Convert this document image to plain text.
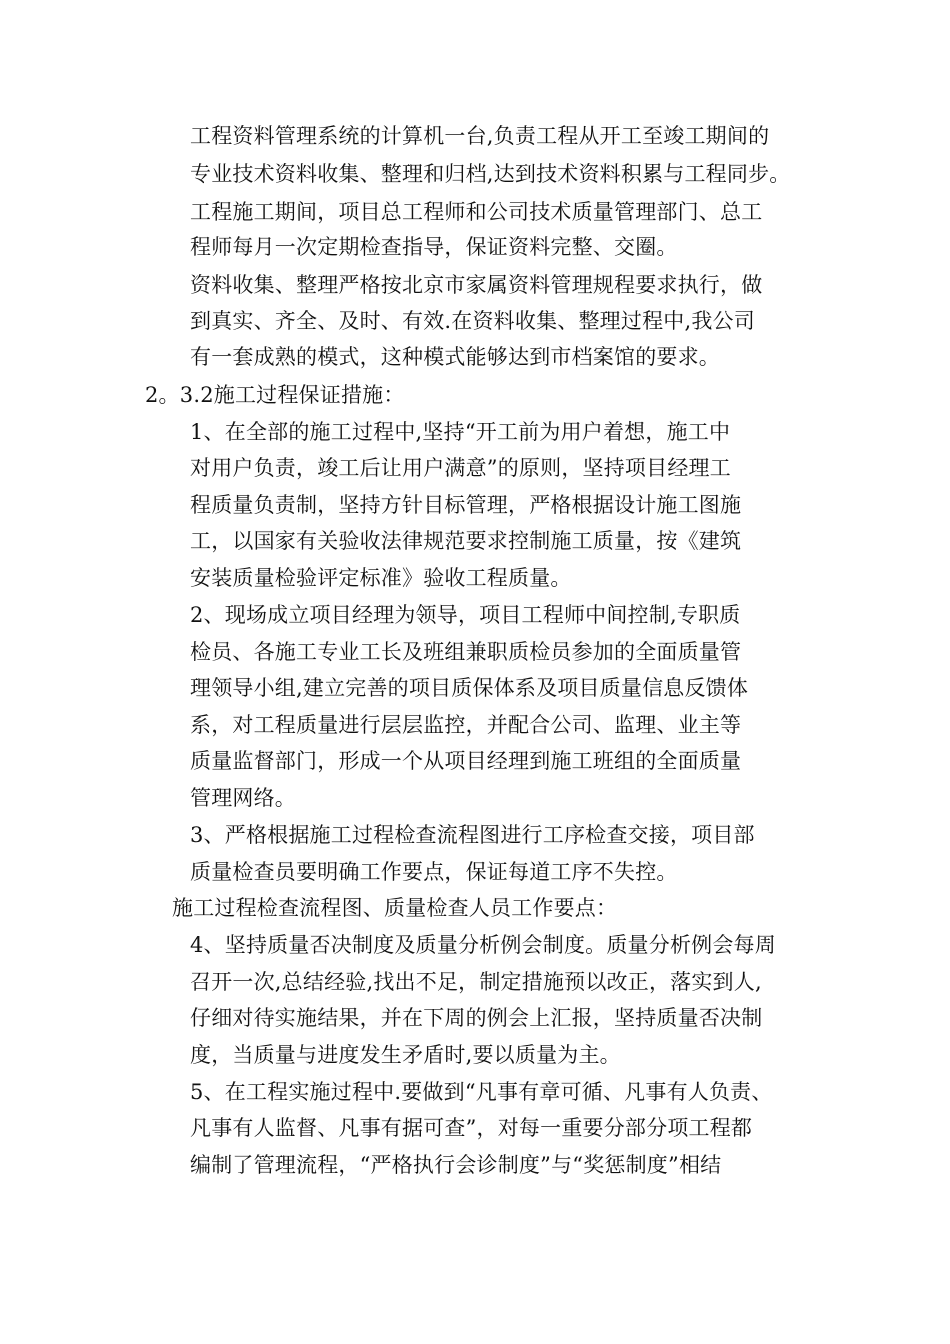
工程资料管理系统的计算机一台,负责工程从开工至竣工期间的
专业技术资料收集、整理和归档,达到技术资料积累与工程同步。
工程施工期间，项目总工程师和公司技术质量管理部门、总工
程师每月一次定期检查指导，保证资料完整、交圈。
资料收集、整理严格按北京市家属资料管理规程要求执行，做
到真实、齐全、及时、有效.在资料收集、整理过程中,我公司
有一套成熟的模式，这种模式能够达到市档案馆的要求。
2。3.2施工过程保证措施：
1、在全部的施工过程中,坚持“开工前为用户着想，施工中
对用户负责，竣工后让用户满意”的原则，坚持项目经理工
程质量负责制，坚持方针目标管理，严格根据设计施工图施
工，以国家有关验收法律规范要求控制施工质量，按《建筑
安装质量检验评定标准》验收工程质量。
2、现场成立项目经理为领导，项目工程师中间控制,专职质
检员、各施工专业工长及班组兼职质检员参加的全面质量管
理领导小组,建立完善的项目质保体系及项目质量信息反馈体
系，对工程质量进行层层监控，并配合公司、监理、业主等
质量监督部门，形成一个从项目经理到施工班组的全面质量
管理网络。
3、严格根据施工过程检查流程图进行工序检查交接，项目部
质量检查员要明确工作要点，保证每道工序不失控。
施工过程检查流程图、质量检查人员工作要点：
4、坚持质量否决制度及质量分析例会制度。质量分析例会每周
召开一次,总结经验,找出不足，制定措施预以改正，落实到人,
仔细对待实施结果，并在下周的例会上汇报，坚持质量否决制
度，当质量与进度发生矛盾时,要以质量为主。
5、在工程实施过程中.要做到“凡事有章可循、凡事有人负责、
凡事有人监督、凡事有据可查”，对每一重要分部分项工程都
编制了管理流程，“严格执行会诊制度”与“奖惩制度”相结
